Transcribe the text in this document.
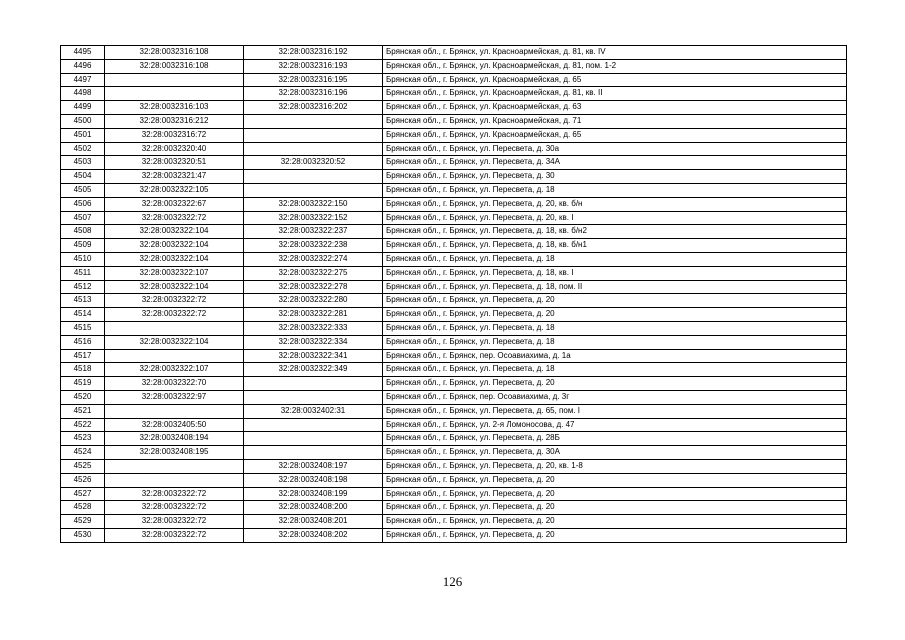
4495	32:28:0032316:108	32:28:0032316:192	Брянская обл., г. Брянск, ул. Красноармейская, д. 81, кв. IV
4496	32:28:0032316:108	32:28:0032316:193	Брянская обл., г. Брянск, ул. Красноармейская, д. 81, пом. 1-2
4497		32:28:0032316:195	Брянская обл., г. Брянск, ул. Красноармейская, д. 65
4498		32:28:0032316:196	Брянская обл., г. Брянск, ул. Красноармейская, д. 81, кв. II
4499	32:28:0032316:103	32:28:0032316:202	Брянская обл., г. Брянск, ул. Красноармейская, д. 63
4500	32:28:0032316:212		Брянская обл., г. Брянск, ул. Красноармейская, д. 71
4501	32:28:0032316:72		Брянская обл., г. Брянск, ул. Красноармейская, д. 65
4502	32:28:0032320:40		Брянская обл., г. Брянск, ул. Пересвета, д. 30а
4503	32:28:0032320:51	32:28:0032320:52	Брянская обл., г. Брянск, ул. Пересвета, д. 34А
4504	32:28:0032321:47		Брянская обл., г. Брянск, ул. Пересвета, д. 30
4505	32:28:0032322:105		Брянская обл., г. Брянск, ул. Пересвета, д. 18
4506	32:28:0032322:67	32:28:0032322:150	Брянская обл., г. Брянск, ул. Пересвета, д. 20, кв. б/н
4507	32:28:0032322:72	32:28:0032322:152	Брянская обл., г. Брянск, ул. Пересвета, д. 20, кв. I
4508	32:28:0032322:104	32:28:0032322:237	Брянская обл., г. Брянск, ул. Пересвета, д. 18, кв. б/н2
4509	32:28:0032322:104	32:28:0032322:238	Брянская обл., г. Брянск, ул. Пересвета, д. 18, кв. б/н1
4510	32:28:0032322:104	32:28:0032322:274	Брянская обл., г. Брянск, ул. Пересвета, д. 18
4511	32:28:0032322:107	32:28:0032322:275	Брянская обл., г. Брянск, ул. Пересвета, д. 18, кв. I
4512	32:28:0032322:104	32:28:0032322:278	Брянская обл., г. Брянск, ул. Пересвета, д. 18, пом. II
4513	32:28:0032322:72	32:28:0032322:280	Брянская обл., г. Брянск, ул. Пересвета, д. 20
4514	32:28:0032322:72	32:28:0032322:281	Брянская обл., г. Брянск, ул. Пересвета, д. 20
4515		32:28:0032322:333	Брянская обл., г. Брянск, ул. Пересвета, д. 18
4516	32:28:0032322:104	32:28:0032322:334	Брянская обл., г. Брянск, ул. Пересвета, д. 18
4517		32:28:0032322:341	Брянская обл., г. Брянск, пер. Осоавиахима, д. 1а
4518	32:28:0032322:107	32:28:0032322:349	Брянская обл., г. Брянск, ул. Пересвета, д. 18
4519	32:28:0032322:70		Брянская обл., г. Брянск, ул. Пересвета, д. 20
4520	32:28:0032322:97		Брянская обл., г. Брянск, пер. Осоавиахима, д. 3г
4521		32:28:0032402:31	Брянская обл., г. Брянск, ул. Пересвета, д. 65, пом. I
4522	32:28:0032405:50		Брянская обл., г. Брянск, ул. 2-я Ломоносова, д. 47
4523	32:28:0032408:194		Брянская обл., г. Брянск, ул. Пересвета, д. 28Б
4524	32:28:0032408:195		Брянская обл., г. Брянск, ул. Пересвета, д. 30А
4525		32:28:0032408:197	Брянская обл., г. Брянск, ул. Пересвета, д. 20, кв. 1-8
4526		32:28:0032408:198	Брянская обл., г. Брянск, ул. Пересвета, д. 20
4527	32:28:0032322:72	32:28:0032408:199	Брянская обл., г. Брянск, ул. Пересвета, д. 20
4528	32:28:0032322:72	32:28:0032408:200	Брянская обл., г. Брянск, ул. Пересвета, д. 20
4529	32:28:0032322:72	32:28:0032408:201	Брянская обл., г. Брянск, ул. Пересвета, д. 20
4530	32:28:0032322:72	32:28:0032408:202	Брянская обл., г. Брянск, ул. Пересвета, д. 20
126
